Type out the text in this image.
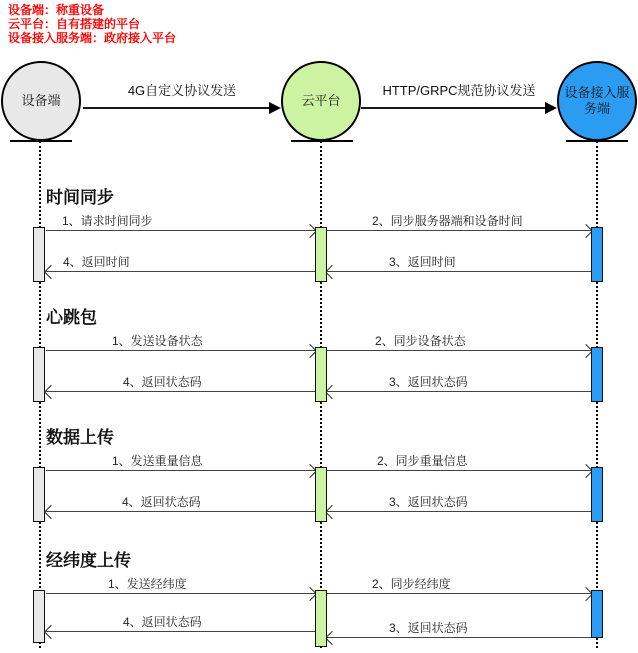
设备端：称重设备
云平台：自有搭建的平台
设备接入服务端：政府接入平台
设备端	云平台
设备接入服务端
4G自定义协议发送	HTTP/GRPC规范协议发送
时间同步
1、请求时间同步	2、同步服务器端和设备时间
3、返回时间
4、返回时间
心跳包
1、发送设备状态	2、同步设备状态
3、返回状态码
4、返回状态码
数据上传
1、发送重量信息	2、同步重量信息
3、返回状态码
4、返回状态码
经纬度上传
1、发送经纬度	2、同步经纬度
3、返回状态码
4、返回状态码
